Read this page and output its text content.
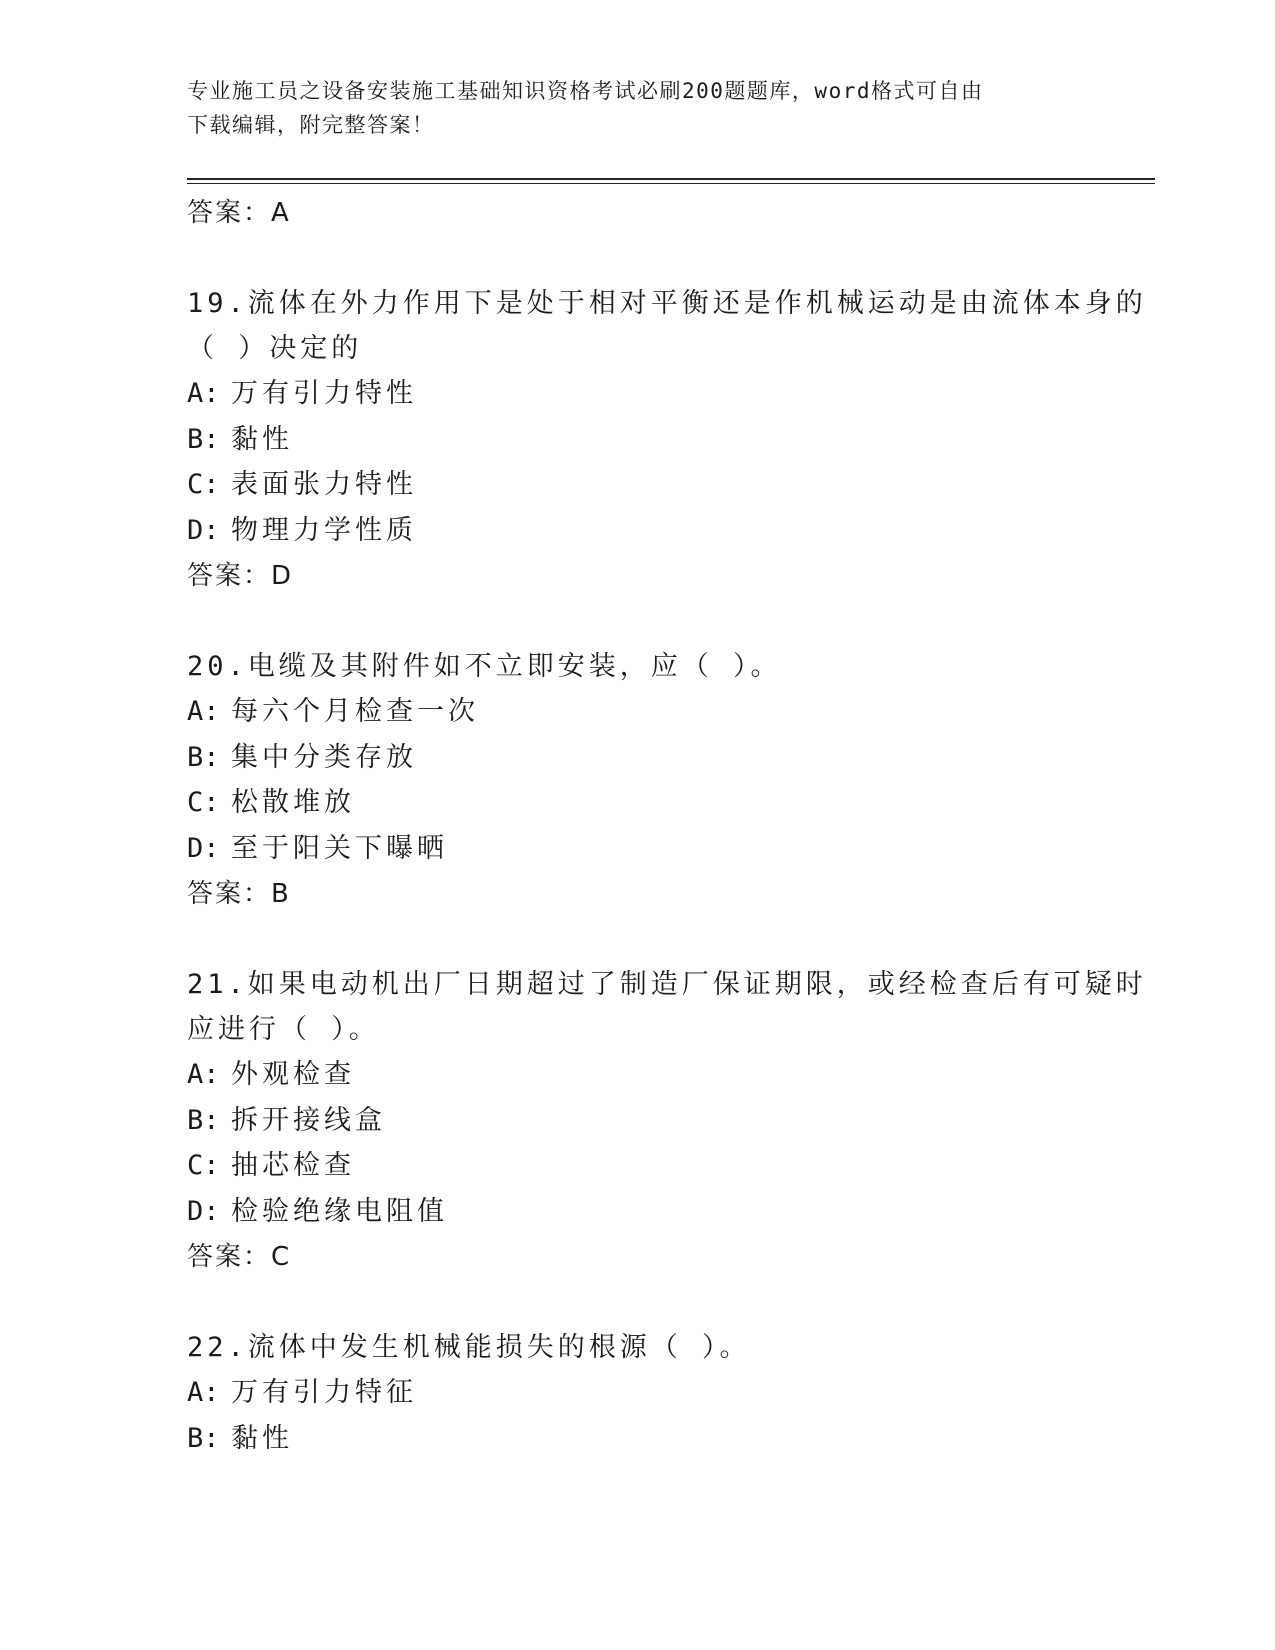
专业施工员之设备安装施工基础知识资格考试必刷200题题库，word格式可自由
下载编辑，附完整答案！
答案：A
19.流体在外力作用下是处于相对平衡还是作机械运动是由流体本身的（ ）决定的
A: 万有引力特性
B: 黏性
C: 表面张力特性
D: 物理力学性质
答案：D
20.电缆及其附件如不立即安装，应（ ）。
A: 每六个月检查一次
B: 集中分类存放
C: 松散堆放
D: 至于阳关下曝晒
答案：B
21.如果电动机出厂日期超过了制造厂保证期限，或经检查后有可疑时应进行（ ）。
A: 外观检查
B: 拆开接线盒
C: 抽芯检查
D: 检验绝缘电阻值
答案：C
22.流体中发生机械能损失的根源（ ）。
A: 万有引力特征
B: 黏性
